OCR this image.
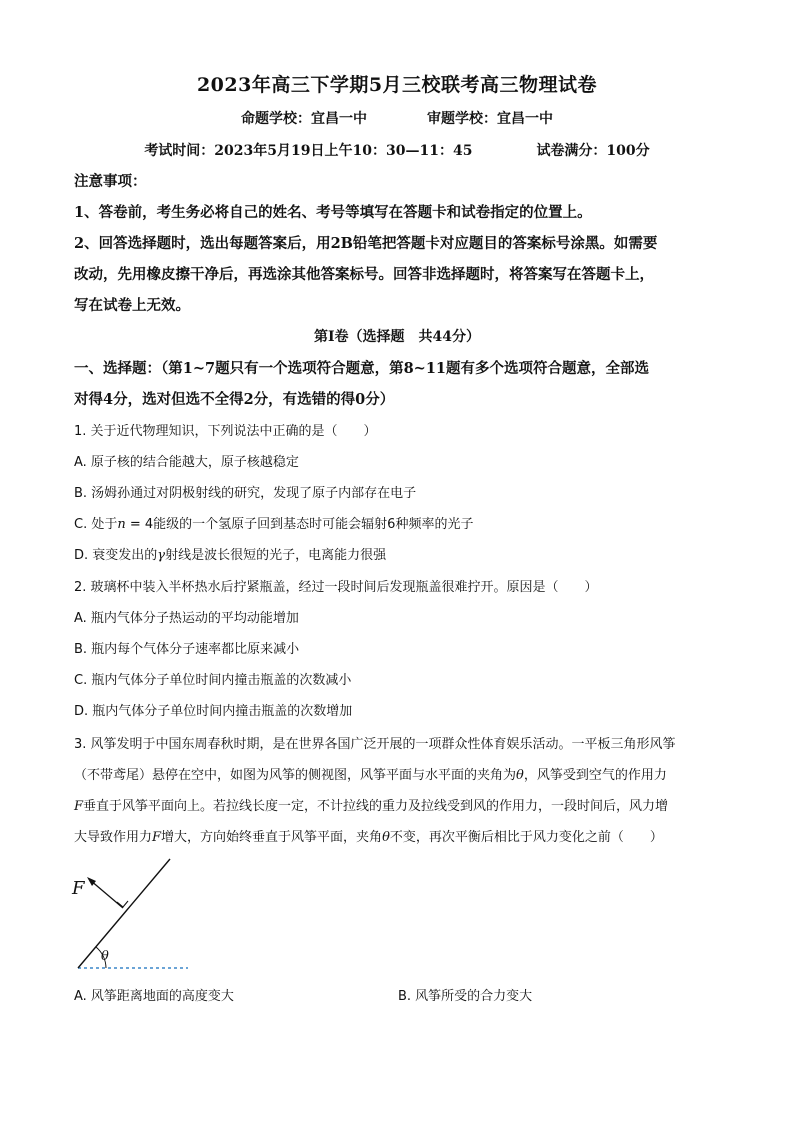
2023年高三下学期5月三校联考高三物理试卷
命题学校：宜昌一中	审题学校：宜昌一中
考试时间：2023年5月19日上午10：30—11：45	试卷满分：100分
注意事项：
1、答卷前，考生务必将自己的姓名、考号等填写在答题卡和试卷指定的位置上。
2、回答选择题时，选出每题答案后，用2B铅笔把答题卡对应题目的答案标号涂黑。如需要
改动，先用橡皮擦干净后，再选涂其他答案标号。回答非选择题时，将答案写在答题卡上，
写在试卷上无效。
第Ⅰ卷（选择题　共44分）
一、选择题：（第1~7题只有一个选项符合题意，第8~11题有多个选项符合题意，全部选
对得4分，选对但选不全得2分，有选错的得0分）
1. 关于近代物理知识，下列说法中正确的是（　　）
A. 原子核的结合能越大，原子核越稳定
B. 汤姆孙通过对阴极射线的研究，发现了原子内部存在电子
C. 处于n = 4能级的一个氢原子回到基态时可能会辐射6种频率的光子
D. 衰变发出的γ射线是波长很短的光子，电离能力很强
2. 玻璃杯中装入半杯热水后拧紧瓶盖，经过一段时间后发现瓶盖很难拧开。原因是（　　）
A. 瓶内气体分子热运动的平均动能增加
B. 瓶内每个气体分子速率都比原来减小
C. 瓶内气体分子单位时间内撞击瓶盖的次数减小
D. 瓶内气体分子单位时间内撞击瓶盖的次数增加
3. 风筝发明于中国东周春秋时期，是在世界各国广泛开展的一项群众性体育娱乐活动。一平板三角形风筝
（不带鸢尾）悬停在空中，如图为风筝的侧视图，风筝平面与水平面的夹角为θ，风筝受到空气的作用力
F垂直于风筝平面向上。若拉线长度一定，不计拉线的重力及拉线受到风的作用力，一段时间后，风力增
大导致作用力F增大，方向始终垂直于风筝平面，夹角θ不变，再次平衡后相比于风力变化之前（　　）
F
θ
A. 风筝距离地面的高度变大	B. 风筝所受的合力变大
